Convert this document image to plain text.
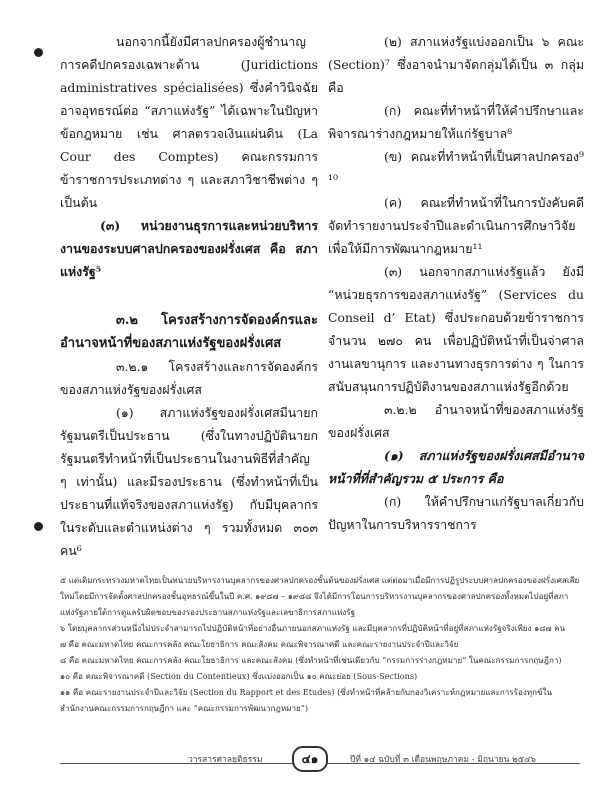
นอกจากนี้ยังมีศาลปกครองผู้ชำนาญการคดีปกครองเฉพาะด้าน (Juridictions administratives spécialisées) ซึ่งคำวินิจฉัยอาจอุทธรณ์ต่อ “สภาแห่งรัฐ” ได้เฉพาะในปัญหาข้อกฎหมาย เช่น ศาลตรวจเงินแผ่นดิน (La Cour des Comptes) คณะกรรมการข้าราชการประเภทต่าง ๆ และสภาวิชาชีพต่าง ๆ เป็นต้น

(๓) หน่วยงานธุรการและหน่วยบริหารงานของระบบศาลปกครองของฝรั่งเศส คือ สภาแห่งรัฐ⁵

๓.๒ โครงสร้างการจัดองค์กรและอำนาจหน้าที่ของสภาแห่งรัฐของฝรั่งเศส

๓.๒.๑ โครงสร้างและการจัดองค์กรของสภาแห่งรัฐของฝรั่งเศส

(๑) สภาแห่งรัฐของฝรั่งเศสมีนายกรัฐมนตรีเป็นประธาน (ซึ่งในทางปฏิบัตินายกรัฐมนตรีทำหน้าที่เป็นประธานในงานพิธีที่สำคัญ ๆ เท่านั้น) และมีรองประธาน (ซึ่งทำหน้าที่เป็นประธานที่แท้จริงของสภาแห่งรัฐ) กับมีบุคลากรในระดับและตำแหน่งต่าง ๆ รวมทั้งหมด ๓๐๓ คน⁶

(๒) สภาแห่งรัฐแบ่งออกเป็น ๖ คณะ (Section)⁷ ซึ่งอาจนำมาจัดกลุ่มได้เป็น ๓ กลุ่ม คือ

(ก) คณะที่ทำหน้าที่ให้คำปรึกษาและพิจารณาร่างกฎหมายให้แก่รัฐบาล⁸

(ข) คณะที่ทำหน้าที่เป็นศาลปกครอง⁹ ¹⁰

(ค) คณะที่ทำหน้าที่ในการบังคับคดี จัดทำรายงานประจำปีและดำเนินการศึกษาวิจัยเพื่อให้มีการพัฒนากฎหมาย¹¹

(๓) นอกจากสภาแห่งรัฐแล้ว ยังมี “หน่วยธุรการของสภาแห่งรัฐ” (Services du Conseil d’ Etat) ซึ่งประกอบด้วยข้าราชการจำนวน ๒๗๐ คน เพื่อปฏิบัติหน้าที่เป็นจ่าศาล งานเลขานุการ และงานทางธุรการต่าง ๆ ในการสนับสนุนการปฏิบัติงานของสภาแห่งรัฐอีกด้วย

๓.๒.๒ อำนาจหน้าที่ของสภาแห่งรัฐของฝรั่งเศส

(๑) สภาแห่งรัฐของฝรั่งเศสมีอำนาจหน้าที่ที่สำคัญรวม ๕ ประการ คือ

(ก) ให้คำปรึกษาแก่รัฐบาลเกี่ยวกับปัญหาในการบริหารราชการ

๕ แต่เดิมกระทรวงมหาดไทยเป็นหน่วยบริหารงานบุคลากรของศาลปกครองชั้นต้นของฝรั่งเศส แต่ต่อมาเมื่อมีการปฏิรูประบบศาลปกครองของฝรั่งเศสเสียใหม่โดยมีการจัดตั้งศาลปกครองชั้นอุทธรณ์ขึ้นในปี ค.ศ. ๑๙๘๗ – ๑๙๘๘ จึงได้มีการโอนการบริหารงานบุคลากรของศาลปกครองทั้งหมดไปอยู่ที่สภาแห่งรัฐภายใต้การดูแลรับผิดชอบของรองประธานสภาแห่งรัฐและเลขาธิการสภาแห่งรัฐ

๖ โดยบุคลากรส่วนหนึ่งไม่ประจำสามารถไปปฏิบัติหน้าที่อย่างอื่นภายนอกสภาแห่งรัฐ และมีบุคลากรที่ปฏิบัติหน้าที่อยู่ที่สภาแห่งรัฐจริงเพียง ๑๘๗ คน

๗ คือ คณะมหาดไทย คณะการคลัง คณะโยธาธิการ คณะสังคม คณะพิจารณาคดี และคณะรายงานประจำปีและวิจัย

๘ คือ คณะมหาดไทย คณะการคลัง คณะโยธาธิการ และคณะสังคม (ซึ่งทำหน้าที่เช่นเดียวกับ “กรรมการร่างกฎหมาย” ในคณะกรรมการกฤษฎีกา)

๑๐ คือ คณะพิจารณาคดี (Section du Contentieux) ซึ่งแบ่งออกเป็น ๑๐ คณะย่อย (Sous-Sections)

๑๑ คือ คณะรายงานประจำปีและวิจัย (Section du Rapport et des Etudes) (ซึ่งทำหน้าที่คล้ายกับกองวิเคราะห์กฎหมายและการร้องทุกข์ในสำนักงานคณะกรรมการกฤษฎีกา และ “คณะกรรมการพัฒนากฎหมาย”)

วารสารศาลยุติธรรม	๔๑	ปีที่ ๑๔ ฉบับที่ ๓ เดือนพฤษภาคม - มิถุนายน ๒๕๔๖
